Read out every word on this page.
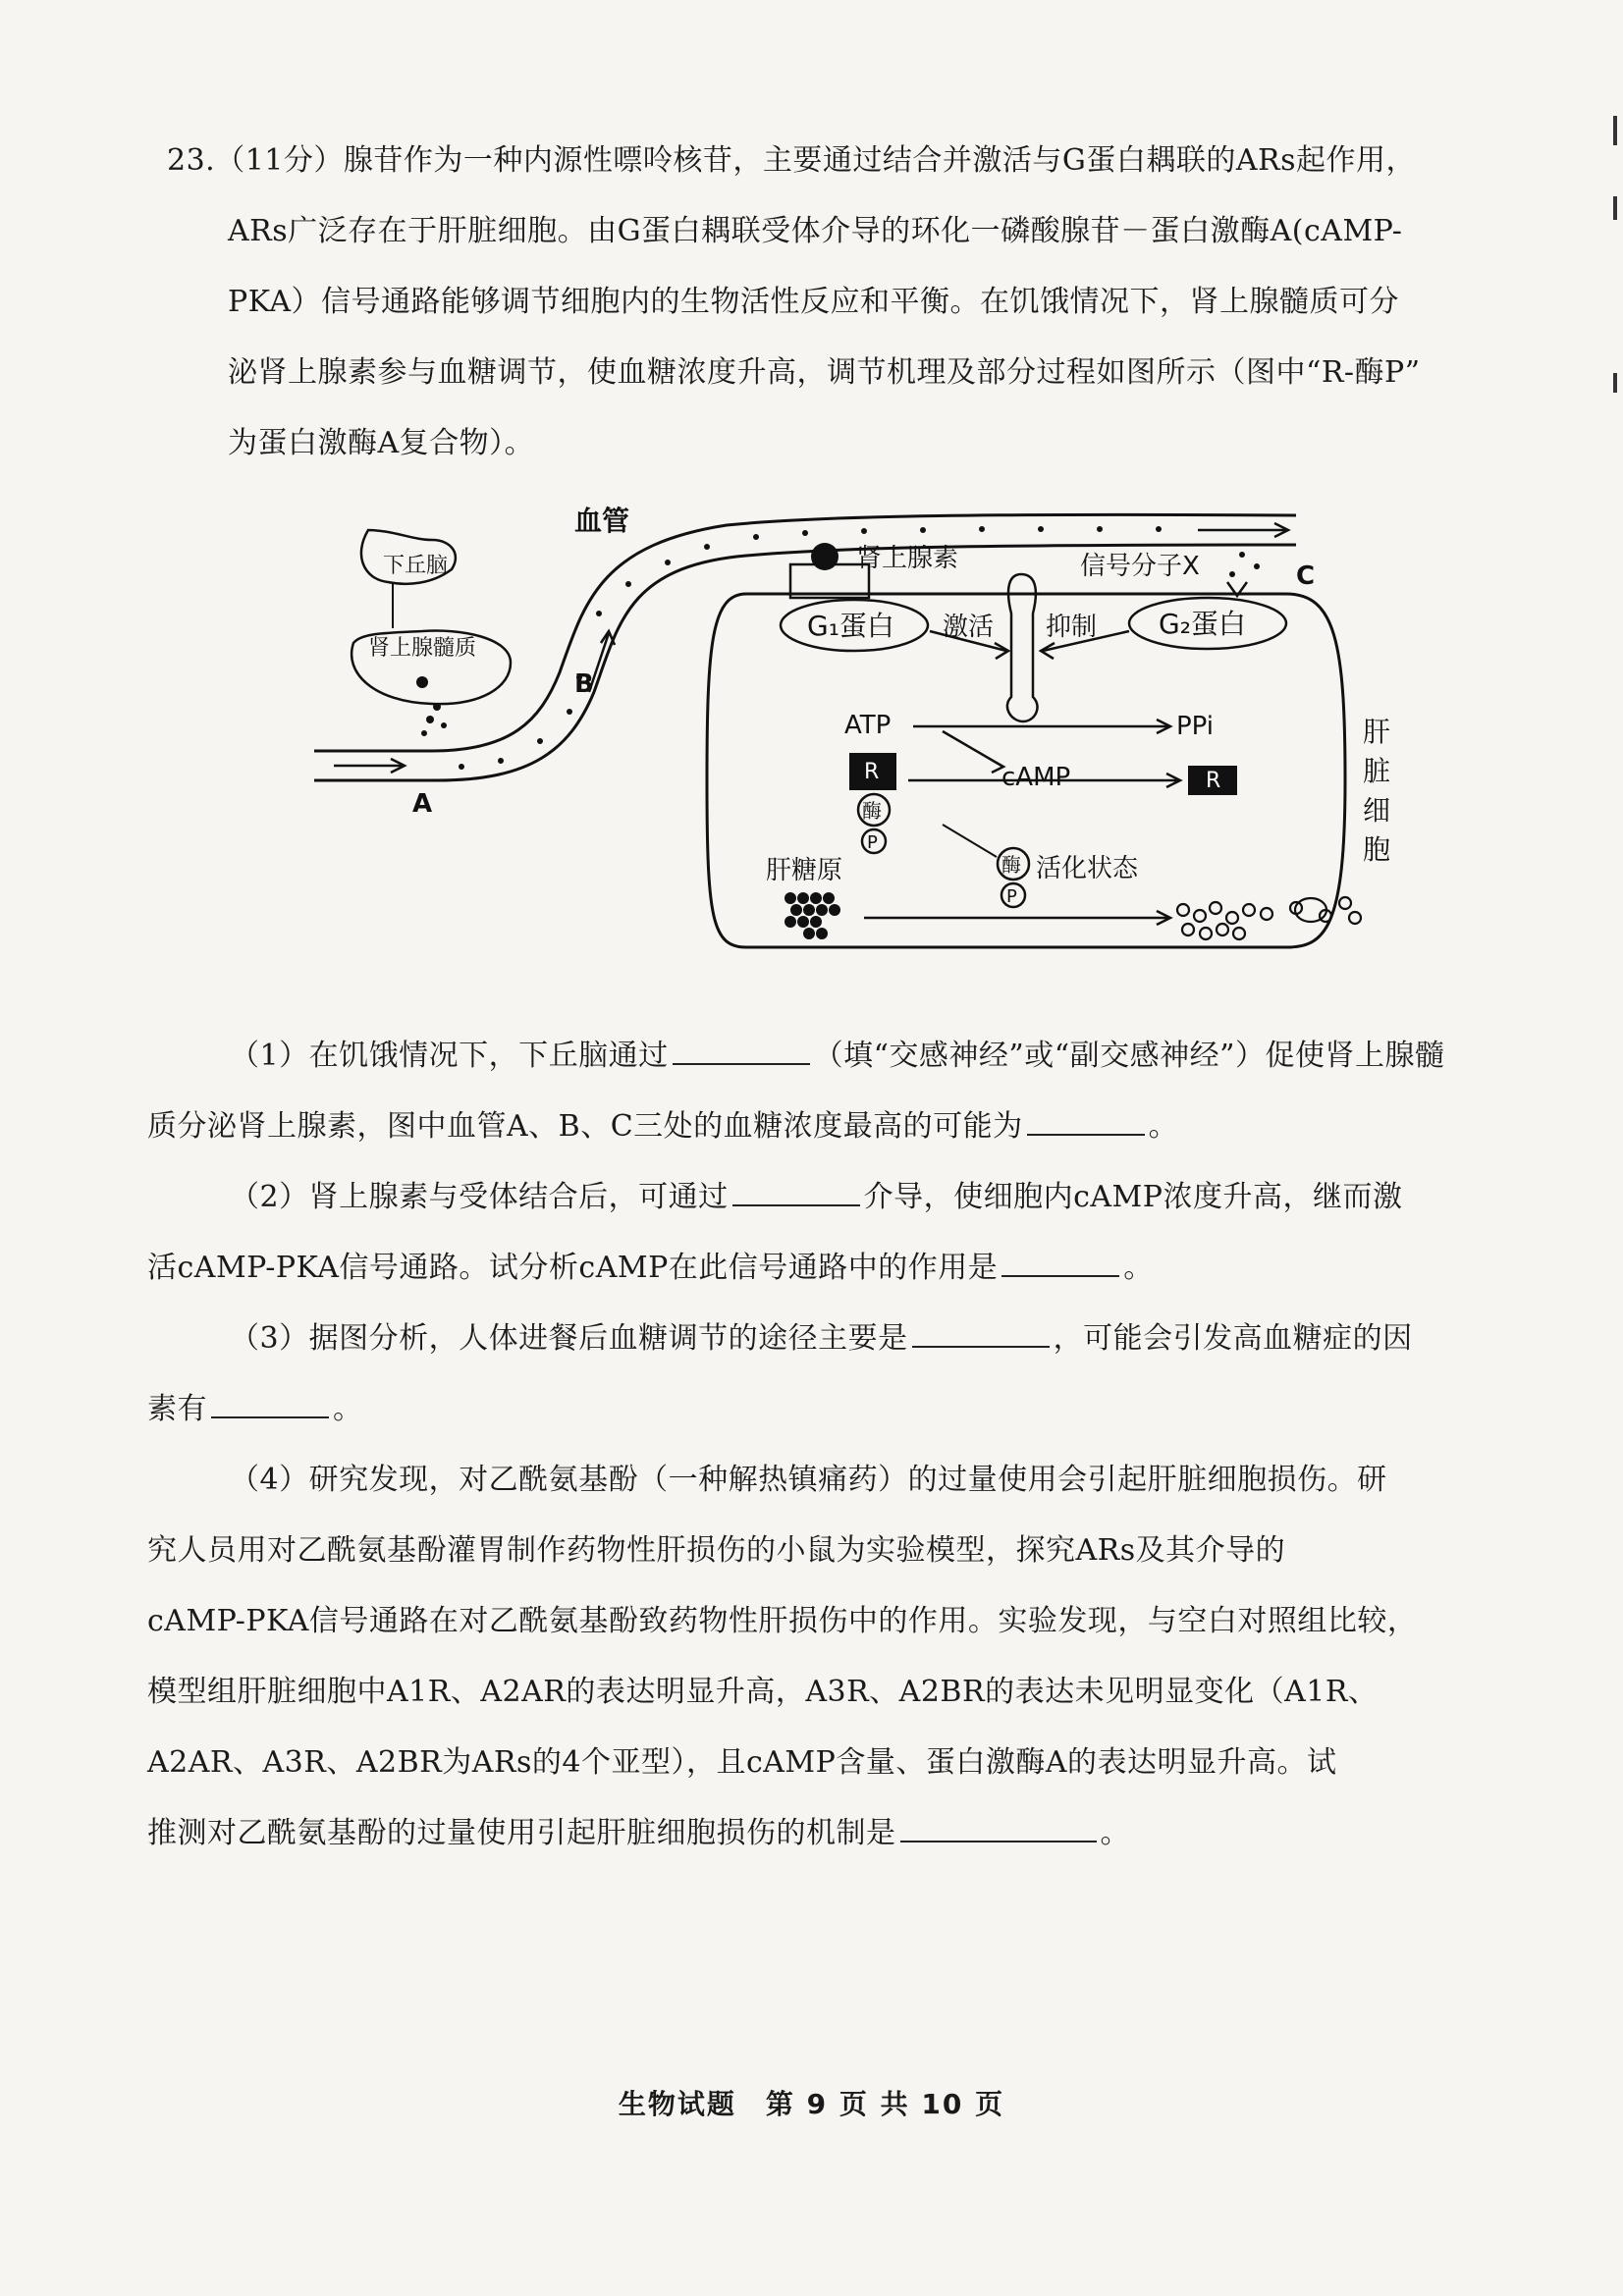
23.（11分）腺苷作为一种内源性嘌呤核苷，主要通过结合并激活与G蛋白耦联的ARs起作用，

ARs广泛存在于肝脏细胞。由G蛋白耦联受体介导的环化一磷酸腺苷－蛋白激酶A(cAMP-

PKA）信号通路能够调节细胞内的生物活性反应和平衡。在饥饿情况下，肾上腺髓质可分

泌肾上腺素参与血糖调节，使血糖浓度升高，调节机理及部分过程如图所示（图中“R-酶P”

为蛋白激酶A复合物）。

下丘脑
肾上腺髓质
B
A
血管
C
肾上腺素	信号分子X
G₁蛋白	G₂蛋白
激活 抑制
ATP	PPi
cAMP
R
酶
P
R
酶
P
活化状态
肝糖原
肝
脏
细
胞

（1）在饥饿情况下，下丘脑通过	（填“交感神经”或“副交感神经”）促使肾上腺髓

质分泌肾上腺素，图中血管A、B、C三处的血糖浓度最高的可能为	。

（2）肾上腺素与受体结合后，可通过	介导，使细胞内cAMP浓度升高，继而激

活cAMP-PKA信号通路。试分析cAMP在此信号通路中的作用是	。

（3）据图分析，人体进餐后血糖调节的途径主要是	，可能会引发高血糖症的因

素有	。

（4）研究发现，对乙酰氨基酚（一种解热镇痛药）的过量使用会引起肝脏细胞损伤。研

究人员用对乙酰氨基酚灌胃制作药物性肝损伤的小鼠为实验模型，探究ARs及其介导的

cAMP-PKA信号通路在对乙酰氨基酚致药物性肝损伤中的作用。实验发现，与空白对照组比较，

模型组肝脏细胞中A1R、A2AR的表达明显升高，A3R、A2BR的表达未见明显变化（A1R、

A2AR、A3R、A2BR为ARs的4个亚型），且cAMP含量、蛋白激酶A的表达明显升高。试

推测对乙酰氨基酚的过量使用引起肝脏细胞损伤的机制是	。

生物试题　第 9 页 共 10 页
